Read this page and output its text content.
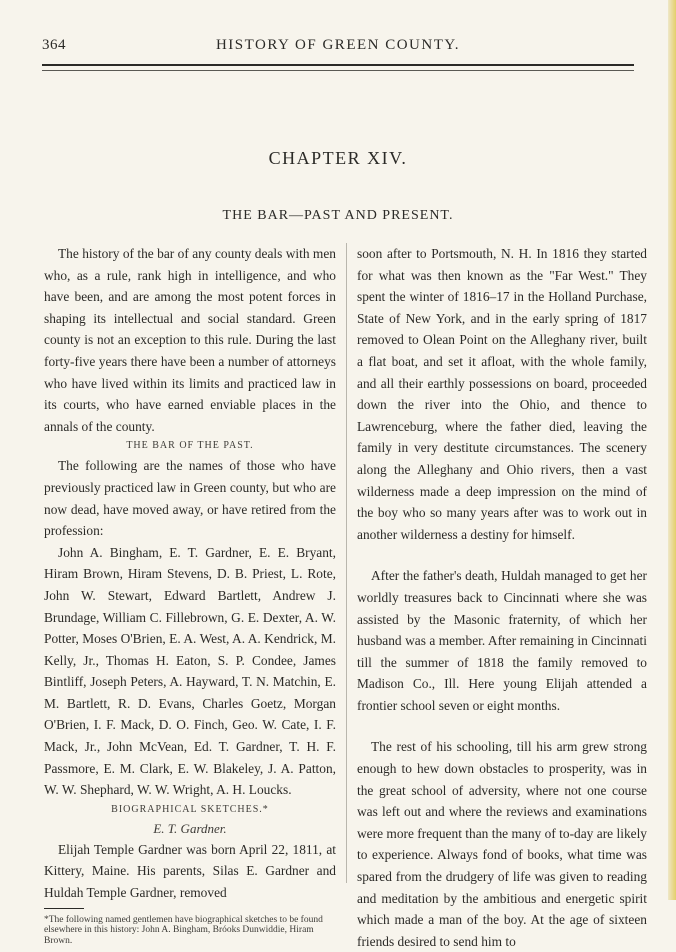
364	HISTORY OF GREEN COUNTY.
CHAPTER XIV.
THE BAR—PAST AND PRESENT.

The history of the bar of any county deals with men who, as a rule, rank high in intelligence, and who have been, and are among the most potent forces in shaping its intellectual and social standard. Green county is not an exception to this rule. During the last forty-five years there have been a number of attorneys who have lived within its limits and practiced law in its courts, who have earned enviable places in the annals of the county.

THE BAR OF THE PAST.

The following are the names of those who have previously practiced law in Green county, but who are now dead, have moved away, or have retired from the profession:

John A. Bingham, E. T. Gardner, E. E. Bryant, Hiram Brown, Hiram Stevens, D. B. Priest, L. Rote, John W. Stewart, Edward Bartlett, Andrew J. Brundage, William C. Fillebrown, G. E. Dexter, A. W. Potter, Moses O'Brien, E. A. West, A. A. Kendrick, M. Kelly, Jr., Thomas H. Eaton, S. P. Condee, James Bintliff, Joseph Peters, A. Hayward, T. N. Matchin, E. M. Bartlett, R. D. Evans, Charles Goetz, Morgan O'Brien, I. F. Mack, D. O. Finch, Geo. W. Cate, I. F. Mack, Jr., John McVean, Ed. T. Gardner, T. H. F. Passmore, E. M. Clark, E. W. Blakeley, J. A. Patton, W. W. Shephard, W. W. Wright, A. H. Loucks.

BIOGRAPHICAL SKETCHES.*
E. T. Gardner.

Elijah Temple Gardner was born April 22, 1811, at Kittery, Maine. His parents, Silas E. Gardner and Huldah Temple Gardner, removed

*The following named gentlemen have biographical sketches to be found elsewhere in this history: John A. Bingham, Bróoks Dunwiddie, Hiram Brown.

soon after to Portsmouth, N. H. In 1816 they started for what was then known as the "Far West." They spent the winter of 1816–17 in the Holland Purchase, State of New York, and in the early spring of 1817 removed to Olean Point on the Alleghany river, built a flat boat, and set it afloat, with the whole family, and all their earthly possessions on board, proceeded down the river into the Ohio, and thence to Lawrenceburg, where the father died, leaving the family in very destitute circumstances. The scenery along the Alleghany and Ohio rivers, then a vast wilderness made a deep impression on the mind of the boy who so many years after was to work out in another wilderness a destiny for himself.

After the father's death, Huldah managed to get her worldly treasures back to Cincinnati where she was assisted by the Masonic fraternity, of which her husband was a member. After remaining in Cincinnati till the summer of 1818 the family removed to Madison Co., Ill. Here young Elijah attended a frontier school seven or eight months.

The rest of his schooling, till his arm grew strong enough to hew down obstacles to prosperity, was in the great school of adversity, where not one course was left out and where the reviews and examinations were more frequent than the many of to-day are likely to experience. Always fond of books, what time was spared from the drudgery of life was given to reading and meditation by the ambitious and energetic spirit which made a man of the boy. At the age of sixteen friends desired to send him to
